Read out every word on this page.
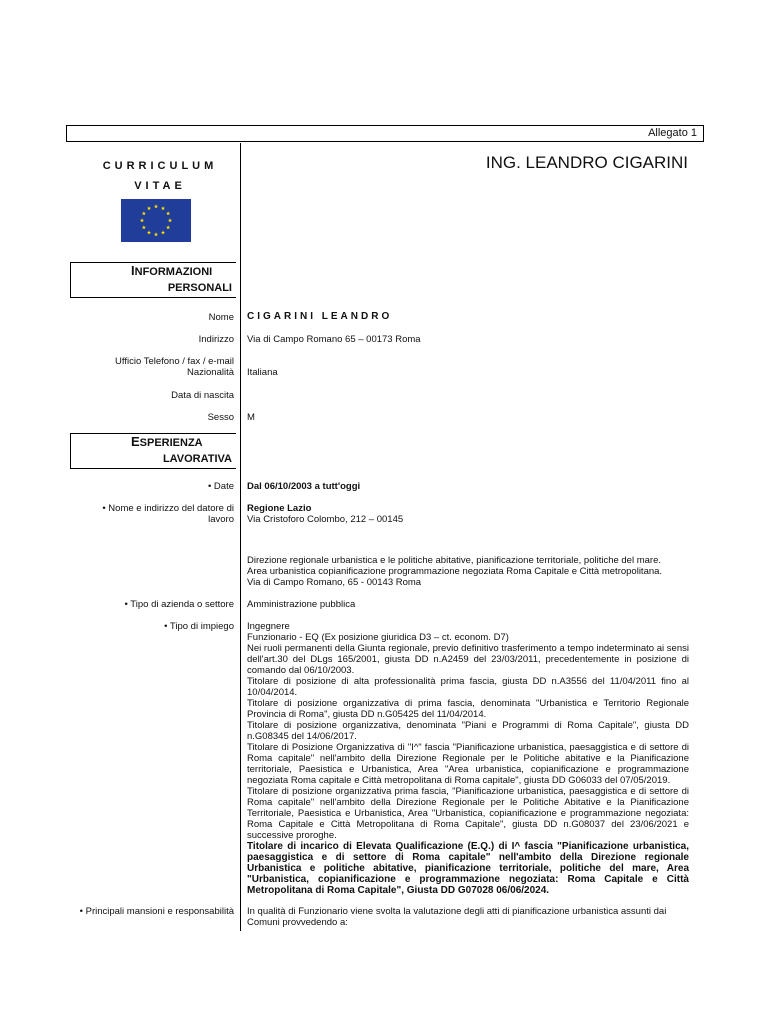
Allegato 1
CURRICULUM
VITAE
ING. LEANDRO CIGARINI
INFORMAZIONI
PERSONALI
Nome CIGARINI LEANDRO
Indirizzo Via di Campo Romano 65 – 00173 Roma
Ufficio Telefono / fax / e-mail
Nazionalità Italiana
Data di nascita
Sesso M
ESPERIENZA
LAVORATIVA
• Date Dal 06/10/2003 a tutt'oggi
• Nome e indirizzo del datore di
lavoro
Regione Lazio
Via Cristoforo Colombo, 212 – 00145
Direzione regionale urbanistica e le politiche abitative, pianificazione territoriale, politiche del mare.
Area urbanistica copianificazione programmazione negoziata Roma Capitale e Città metropolitana.
Via di Campo Romano, 65 - 00143 Roma
• Tipo di azienda o settore Amministrazione pubblica
• Tipo di impiego Ingegnere

Funzionario - EQ (Ex posizione giuridica D3 – ct. econom. D7)

Nei ruoli permanenti della Giunta regionale, previo definitivo trasferimento a tempo indeterminato ai sensi dell'art.30 del DLgs 165/2001, giusta DD n.A2459 del 23/03/2011, precedentemente in posizione di comando dal 06/10/2003.

Titolare di posizione di alta professionalità prima fascia, giusta DD n.A3556 del 11/04/2011 fino al 10/04/2014.

Titolare di posizione organizzativa di prima fascia, denominata "Urbanistica e Territorio Regionale Provincia di Roma", giusta DD n.G05425 del 11/04/2014.

Titolare di posizione organizzativa, denominata "Piani e Programmi di Roma Capitale", giusta DD n.G08345 del 14/06/2017.

Titolare di Posizione Organizzativa di "I^" fascia "Pianificazione urbanistica, paesaggistica e di settore di Roma capitale" nell'ambito della Direzione Regionale per le Politiche abitative e la Pianificazione territoriale, Paesistica e Urbanistica, Area "Area urbanistica, copianificazione e programmazione negoziata Roma capitale e Città metropolitana di Roma capitale", giusta DD G06033 del 07/05/2019.

Titolare di posizione organizzativa prima fascia, "Pianificazione urbanistica, paesaggistica e di settore di Roma capitale" nell'ambito della Direzione Regionale per le Politiche Abitative e la Pianificazione Territoriale, Paesistica e Urbanistica, Area "Urbanistica, copianificazione e programmazione negoziata: Roma Capitale e Città Metropolitana di Roma Capitale", giusta DD n.G08037 del 23/06/2021 e successive proroghe.

Titolare di incarico di Elevata Qualificazione (E.Q.) di I^ fascia "Pianificazione urbanistica, paesaggistica e di settore di Roma capitale" nell'ambito della Direzione regionale Urbanistica e politiche abitative, pianificazione territoriale, politiche del mare, Area "Urbanistica, copianificazione e programmazione negoziata: Roma Capitale e Città Metropolitana di Roma Capitale", Giusta DD G07028 06/06/2024.

• Principali mansioni e responsabilità In qualità di Funzionario viene svolta la valutazione degli atti di pianificazione urbanistica assunti dai Comuni provvedendo a:
